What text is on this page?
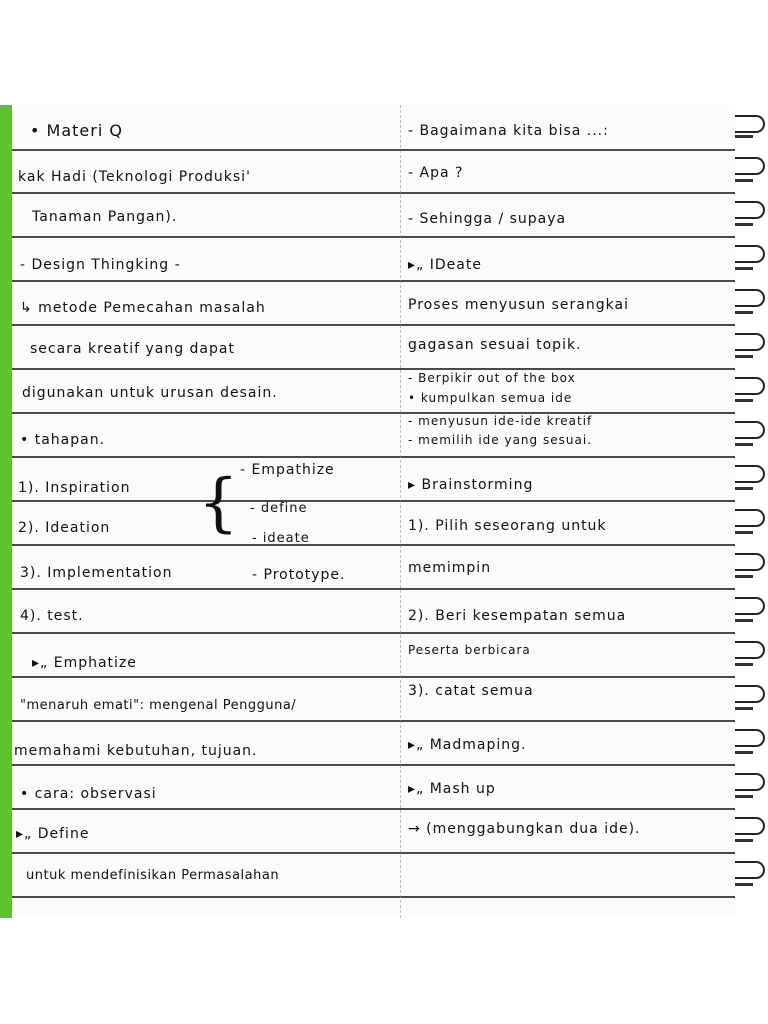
• Materi Q
kak Hadi (Teknologi Produksi'
Tanaman Pangan).
- Design Thingking -
↳ metode Pemecahan masalah
secara kreatif yang dapat
digunakan untuk urusan desain.
• tahapan.
1). Inspiration
2). Ideation
3). Implementation
4). test.
▸„ Emphatize
"menaruh emati": mengenal Pengguna/
memahami kebutuhan, tujuan.
• cara: observasi
▸„ Define
untuk mendefinisikan Permasalahan
{ - Empathize
- define
- ideate
- Prototype.
- Bagaimana kita bisa ...:
- Apa ?
- Sehingga / supaya
▸„ IDeate
Proses menyusun serangkai
gagasan sesuai topik.
- Berpikir out of the box
• kumpulkan semua ide
- menyusun ide-ide kreatif
- memilih ide yang sesuai.
▸ Brainstorming
1). Pilih seseorang untuk
memimpin
2). Beri kesempatan semua
Peserta berbicara
3). catat semua
▸„ Madmaping.
▸„ Mash up
→ (menggabungkan dua ide).
